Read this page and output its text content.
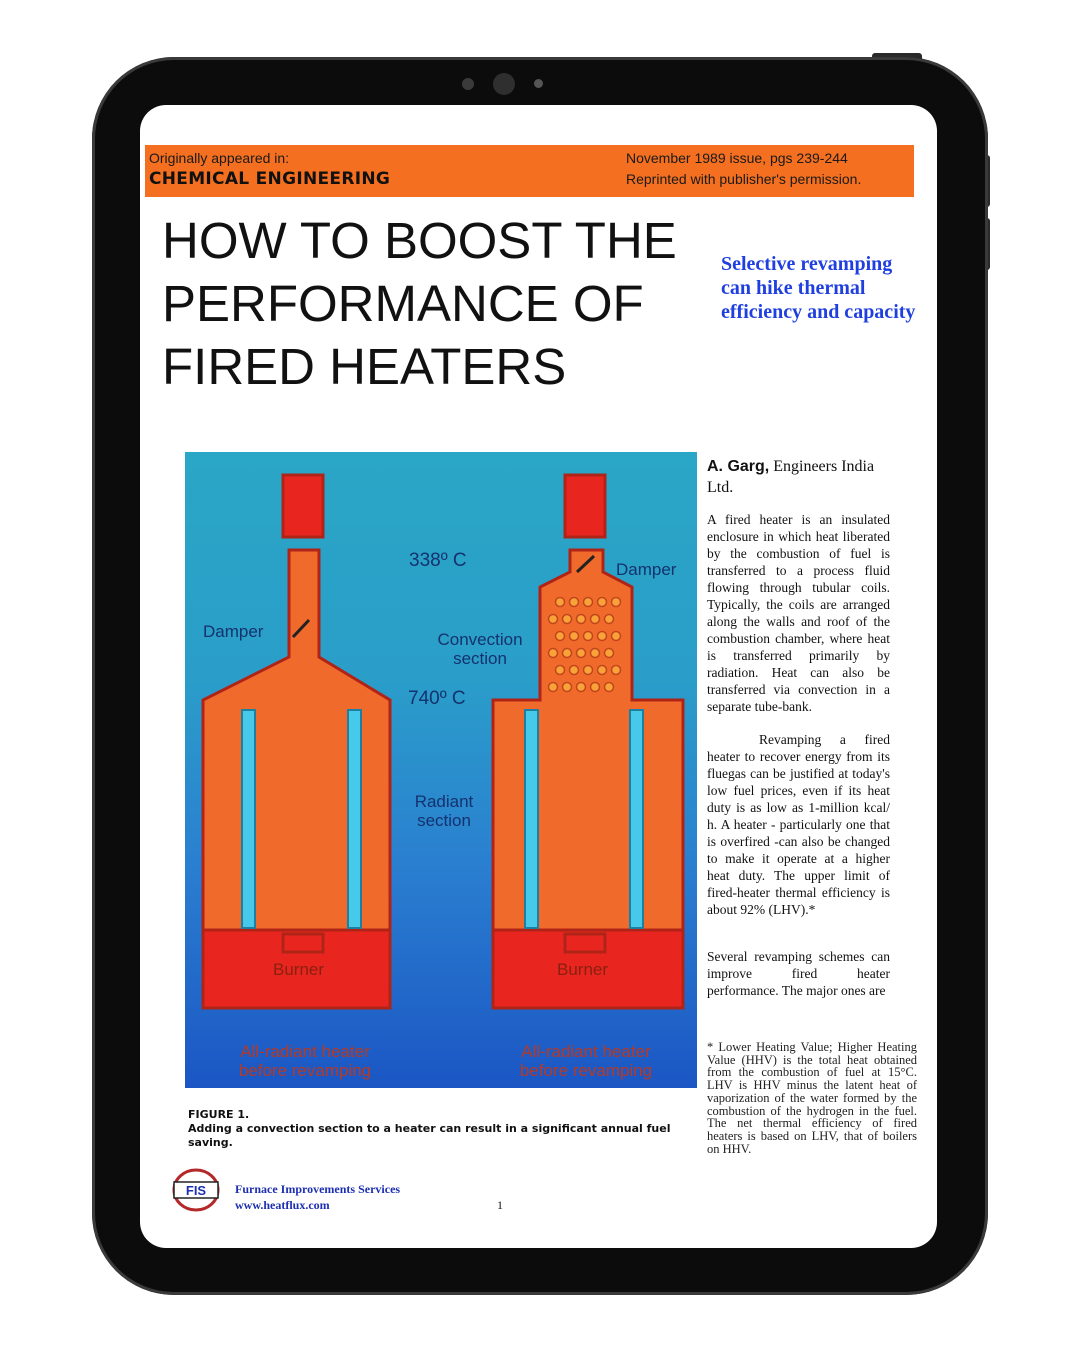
Originally appeared in:
CHEMICAL ENGINEERING
November 1989 issue, pgs 239-244
Reprinted with publisher's permission.
HOW TO BOOST THE
PERFORMANCE OF
FIRED HEATERS
Selective revamping can hike thermal efficiency and capacity
338º C
740º C
Damper
Damper
Convection section
Radiant section
Burner	Burner
All-radiant heater before revamping
All-radiant heater before revamping
FIGURE 1.
Adding a convection section to a heater can result in a significant annual fuel saving.
A. Garg, Engineers India Ltd.
A fired heater is an insulated enclosure in which heat liberated by the combustion of fuel is transferred to a process fluid flowing through tubular coils. Typically, the coils are arranged along the walls and roof of the combustion chamber, where heat is transferred primarily by radiation. Heat can also be transferred via convection in a separate tube-bank.
Revamping a fired heater to recover energy from its fluegas can be justified at today's low fuel prices, even if its heat duty is as low as 1-million kcal/ h. A heater - particularly one that is overfired -can also be changed to make it operate at a higher heat duty. The upper limit of fired-heater thermal efficiency is about 92% (LHV).*
Several revamping schemes can improve fired heater performance. The major ones are
* Lower Heating Value; Higher Heating Value (HHV) is the total heat obtained from the combustion of fuel at 15°C. LHV is HHV minus the latent heat of vaporization of the water formed by the combustion of the hydrogen in the fuel. The net thermal efficiency of fired heaters is based on LHV, that of boilers on HHV.
FIS Furnace Improvements Services
www.heatflux.com	1
